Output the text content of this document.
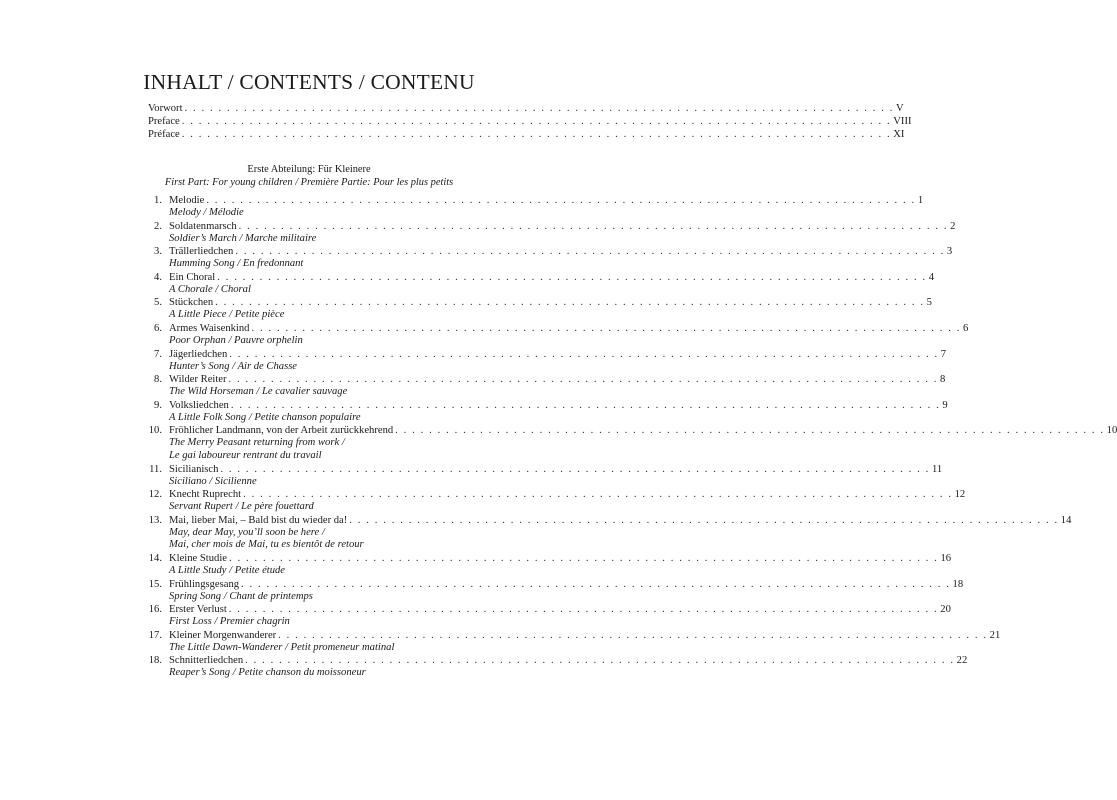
INHALT / CONTENTS / CONTENU
Vorwort . . . . . . . . . . . . . . . . . . . . . . . . . . . . . . . . . . . . . . . . . . . . . . . . . . . . . . . . . . . . . . . . . . . . . . . . . . . . . . . . . . . . V
Preface . . . . . . . . . . . . . . . . . . . . . . . . . . . . . . . . . . . . . . . . . . . . . . . . . . . . . . . . . . . . . . . . . . . . . . . . . . . . . . . . . . . . VIII
Préface . . . . . . . . . . . . . . . . . . . . . . . . . . . . . . . . . . . . . . . . . . . . . . . . . . . . . . . . . . . . . . . . . . . . . . . . . . . . . . . . . . . . XI
Erste Abteilung: Für Kleinere
First Part: For young children / Première Partie: Pour les plus petits
1. Melodie . . . . . . . . . . . . . . . . . . . . . . . . . . . . . . . . . . . . . . . . . . . . . . . . . . . . . . . . . . . . . . . . . . . . . . . . . . . . . . . . . . . . 1
Melody / Mélodie
2. Soldatenmarsch . . . . . . . . . . . . . . . . . . . . . . . . . . . . . . . . . . . . . . . . . . . . . . . . . . . . . . . . . . . . . . . . . . . . . . . . . . . . . . . . . . . . 2
Soldier’s March / Marche militaire
3. Trällerliedchen . . . . . . . . . . . . . . . . . . . . . . . . . . . . . . . . . . . . . . . . . . . . . . . . . . . . . . . . . . . . . . . . . . . . . . . . . . . . . . . . . . . . 3
Humming Song / En fredonnant
4. Ein Choral . . . . . . . . . . . . . . . . . . . . . . . . . . . . . . . . . . . . . . . . . . . . . . . . . . . . . . . . . . . . . . . . . . . . . . . . . . . . . . . . . . . . 4
A Chorale / Choral
5. Stückchen . . . . . . . . . . . . . . . . . . . . . . . . . . . . . . . . . . . . . . . . . . . . . . . . . . . . . . . . . . . . . . . . . . . . . . . . . . . . . . . . . . . . 5
A Little Piece / Petite pièce
6. Armes Waisenkind . . . . . . . . . . . . . . . . . . . . . . . . . . . . . . . . . . . . . . . . . . . . . . . . . . . . . . . . . . . . . . . . . . . . . . . . . . . . . . . . . . . . 6
Poor Orphan / Pauvre orphelin
7. Jägerliedchen . . . . . . . . . . . . . . . . . . . . . . . . . . . . . . . . . . . . . . . . . . . . . . . . . . . . . . . . . . . . . . . . . . . . . . . . . . . . . . . . . . . . 7
Hunter’s Song / Air de Chasse
8. Wilder Reiter . . . . . . . . . . . . . . . . . . . . . . . . . . . . . . . . . . . . . . . . . . . . . . . . . . . . . . . . . . . . . . . . . . . . . . . . . . . . . . . . . . . . 8
The Wild Horseman / Le cavalier sauvage
9. Volksliedchen . . . . . . . . . . . . . . . . . . . . . . . . . . . . . . . . . . . . . . . . . . . . . . . . . . . . . . . . . . . . . . . . . . . . . . . . . . . . . . . . . . . . 9
A Little Folk Song / Petite chanson populaire
10. Fröhlicher Landmann, von der Arbeit zurückkehrend . . . . . . . . . . . . . . . . . . . . . . . . . . . . . . . . . . . . . . . . . . . . . . . . . . . . . . . . . . . . . . . . . . . . . . . . . . . . . . . . . . . . 10
The Merry Peasant returning from work /
Le gai laboureur rentrant du travail
11. Sicilianisch . . . . . . . . . . . . . . . . . . . . . . . . . . . . . . . . . . . . . . . . . . . . . . . . . . . . . . . . . . . . . . . . . . . . . . . . . . . . . . . . . . . . 11
Siciliano / Sicilienne
12. Knecht Ruprecht . . . . . . . . . . . . . . . . . . . . . . . . . . . . . . . . . . . . . . . . . . . . . . . . . . . . . . . . . . . . . . . . . . . . . . . . . . . . . . . . . . . . 12
Servant Rupert / Le père fouettard
13. Mai, lieber Mai, – Bald bist du wieder da! . . . . . . . . . . . . . . . . . . . . . . . . . . . . . . . . . . . . . . . . . . . . . . . . . . . . . . . . . . . . . . . . . . . . . . . . . . . . . . . . . . . . 14
May, dear May, you’ll soon be here /
Mai, cher mois de Mai, tu es bientôt de retour
14. Kleine Studie . . . . . . . . . . . . . . . . . . . . . . . . . . . . . . . . . . . . . . . . . . . . . . . . . . . . . . . . . . . . . . . . . . . . . . . . . . . . . . . . . . . . 16
A Little Study / Petite étude
15. Frühlingsgesang . . . . . . . . . . . . . . . . . . . . . . . . . . . . . . . . . . . . . . . . . . . . . . . . . . . . . . . . . . . . . . . . . . . . . . . . . . . . . . . . . . . . 18
Spring Song / Chant de printemps
16. Erster Verlust . . . . . . . . . . . . . . . . . . . . . . . . . . . . . . . . . . . . . . . . . . . . . . . . . . . . . . . . . . . . . . . . . . . . . . . . . . . . . . . . . . . . 20
First Loss / Premier chagrin
17. Kleiner Morgenwanderer . . . . . . . . . . . . . . . . . . . . . . . . . . . . . . . . . . . . . . . . . . . . . . . . . . . . . . . . . . . . . . . . . . . . . . . . . . . . . . . . . . . . 21
The Little Dawn-Wanderer / Petit promeneur matinal
18. Schnitterliedchen . . . . . . . . . . . . . . . . . . . . . . . . . . . . . . . . . . . . . . . . . . . . . . . . . . . . . . . . . . . . . . . . . . . . . . . . . . . . . . . . . . . . 22
Reaper’s Song / Petite chanson du moissoneur
